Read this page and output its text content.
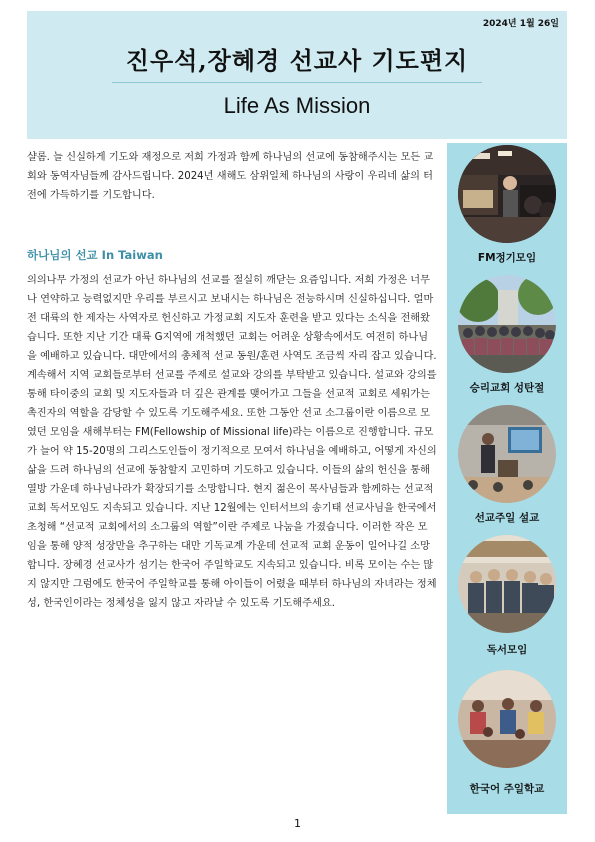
2024년 1월 26일
진우석,장혜경 선교사 기도편지
Life As Mission

샬롬. 늘 신실하게 기도와 재정으로 저희 가정과 함께 하나님의 선교에 동참해주시는 모든 교회와 동역자님들께 감사드립니다. 2024년 새해도 삼위일체 하나님의 사랑이 우리네 삶의 터전에 가득하기를 기도합니다.

하나님의 선교 In Taiwan

의의나무 가정의 선교가 아닌 하나님의 선교를 절실히 깨닫는 요즘입니다. 저희 가정은 너무나 연약하고 능력없지만 우리를 부르시고 보내시는 하나님은 전능하시며 신실하십니다. 얼마전 대륙의 한 제자는 사역자로 헌신하고 가정교회 지도자 훈련을 받고 있다는 소식을 전해왔습니다. 또한 지난 기간 대륙 G지역에 개척했던 교회는 어려운 상황속에서도 여전히 하나님을 예배하고 있습니다. 대만에서의 총체적 선교 동원/훈련 사역도 조금씩 자리 잡고 있습니다. 계속해서 지역 교회들로부터 선교를 주제로 설교와 강의를 부탁받고 있습니다. 설교와 강의를 통해 타이중의 교회 및 지도자들과 더 깊은 관계를 맺어가고 그들을 선교적 교회로 세워가는 촉진자의 역할을 감당할 수 있도록 기도해주세요. 또한 그동안 선교 소그룹이란 이름으로 모였던 모임을 새해부터는 FM(Fellowship of Missional life)라는 이름으로 진행합니다. 규모가 늘어 약 15-20명의 그리스도인들이 정기적으로 모여서 하나님을 예배하고, 어떻게 자신의 삶을 드려 하나님의 선교에 동참할지 고민하며 기도하고 있습니다. 이들의 삶의 헌신을 통해 열방 가운데 하나님나라가 확장되기를 소망합니다. 현지 젊은이 목사님들과 함께하는 선교적교회 독서모임도 지속되고 있습니다. 지난 12월에는 인터서브의 송기태 선교사님을 한국에서 초청해 “선교적 교회에서의 소그룹의 역할”이란 주제로 나눔을 가졌습니다. 이러한 작은 모임을 통해 양적 성장만을 추구하는 대만 기독교계 가운데 선교적 교회 운동이 일어나길 소망합니다. 장혜경 선교사가 섬기는 한국어 주일학교도 지속되고 있습니다. 비록 모이는 수는 많지 않지만 그럼에도 한국어 주일학교를 통해 아이들이 어렸을 때부터 하나님의 자녀라는 정체성, 한국인이라는 정체성을 잃지 않고 자라날 수 있도록 기도해주세요.

FM정기모임
승리교회 성탄절
선교주일 설교
독서모임
한국어 주일학교
1
